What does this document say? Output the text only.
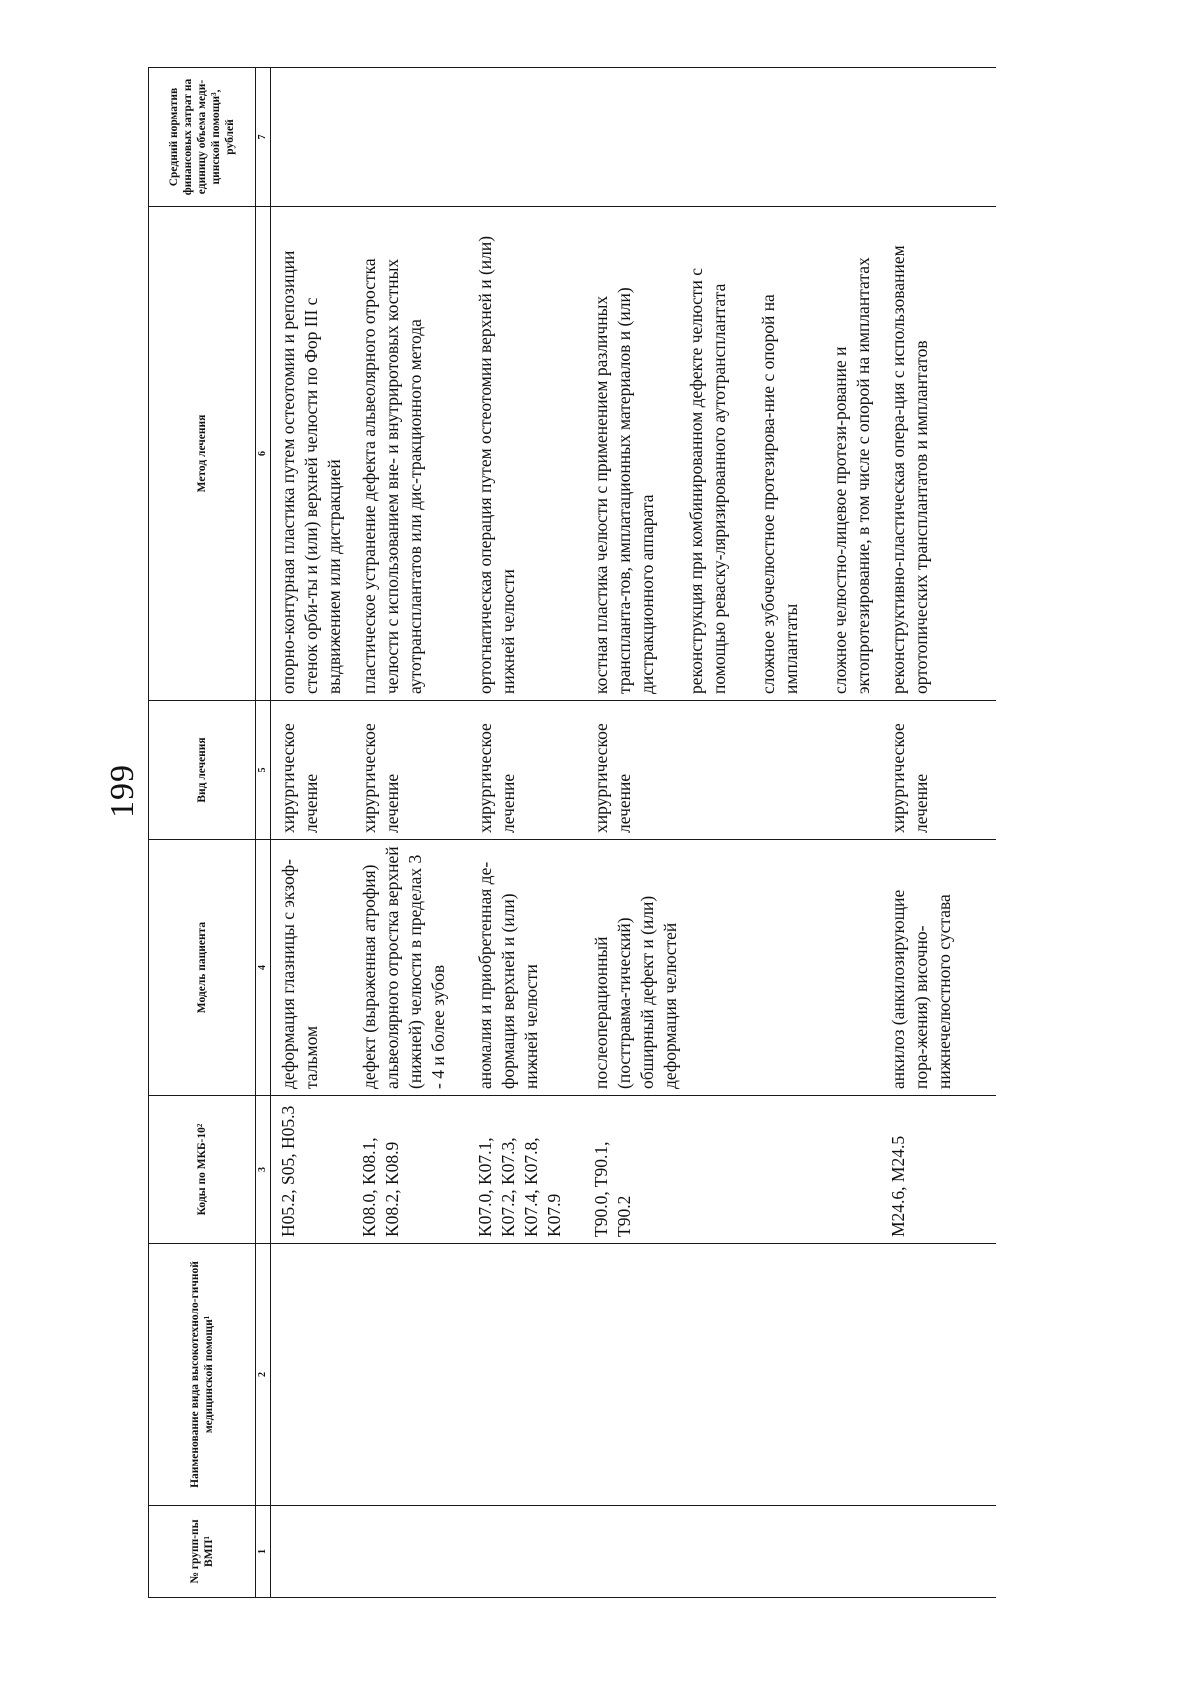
199
№ групп-пы ВМП¹	Наименование вида высокотехноло-гичной медицинской помощи¹	Коды по МКБ-10²	Модель пациента	Вид лечения	Метод лечения	Средний норматив финансовых затрат на единицу объема меди-цинской помощи³, рублей
1	2	3	4	5	6	7
		H05.2, S05, H05.3	деформация глазницы с экзоф-тальмом	хирургическое лечение	опорно-контурная пластика путем остеотомии и репозиции стенок орби-ты и (или) верхней челюсти по Фор III с выдвижением или дистракцией	

		K08.0, K08.1, K08.2, K08.9	дефект (выраженная атрофия) альвеолярного отростка верхней (нижней) челюсти в пределах 3 - 4 и более зубов	хирургическое лечение	пластическое устранение дефекта альвеолярного отростка челюсти с использованием вне- и внутриротовых костных аутотрансплантатов или дис-тракционного метода	

		K07.0, K07.1, K07.2, K07.3, K07.4, K07.8, K07.9	аномалия и приобретенная де-формация верхней и (или) нижней челюсти	хирургическое лечение	ортогнатическая операция путем остеотомии верхней и (или) нижней челюсти	

		T90.0, T90.1, T90.2	послеоперационный (посттравма-тический) обширный дефект и (или) деформация челюстей	хирургическое лечение	костная пластика челюсти с применением различных транспланта-тов, имплатационных материалов и (или) дистракционного аппарата реконструкция при комбинированном дефекте челюсти с помощью реваску-ляризированного аутотрансплантата сложное зубочелюстное протезирова-ние с опорой на имплантаты сложное челюстно-лицевое протези-рование и эктопротезирование, в том числе с опорой на имплантатах	

		M24.6, M24.5	анкилоз (анкилозирующие пора-жения) височно-нижнечелюстного сустава	хирургическое лечение	реконструктивно-пластическая опера-ция с использованием ортотопических трансплантатов и имплантатов	
